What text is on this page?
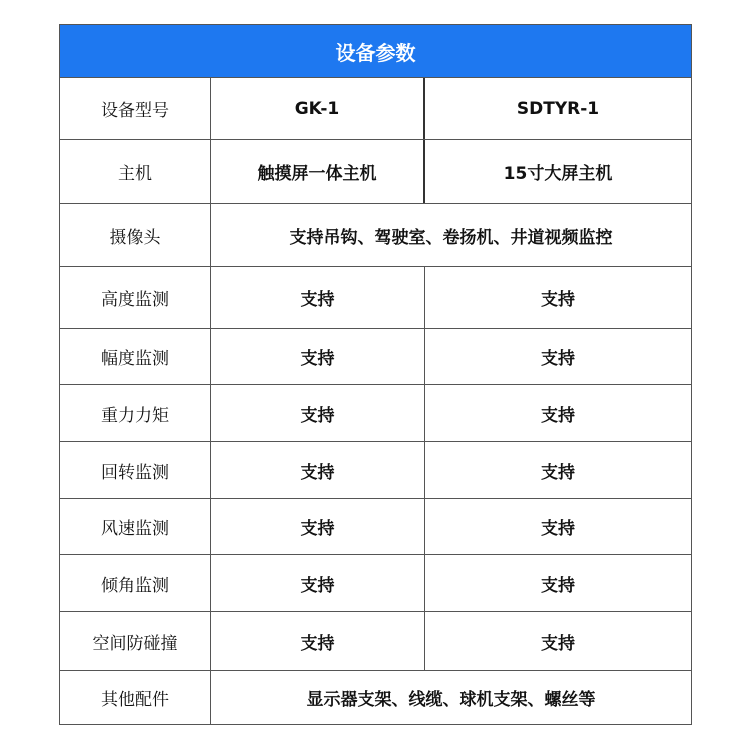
设备参数
设备型号	GK-1	SDTYR-1
主机	触摸屏一体主机	15寸大屏主机
摄像头	支持吊钩、驾驶室、卷扬机、井道视频监控
高度监测	支持	支持
幅度监测	支持	支持
重力力矩	支持	支持
回转监测	支持	支持
风速监测	支持	支持
倾角监测	支持	支持
空间防碰撞	支持	支持
其他配件	显示器支架、线缆、球机支架、螺丝等
